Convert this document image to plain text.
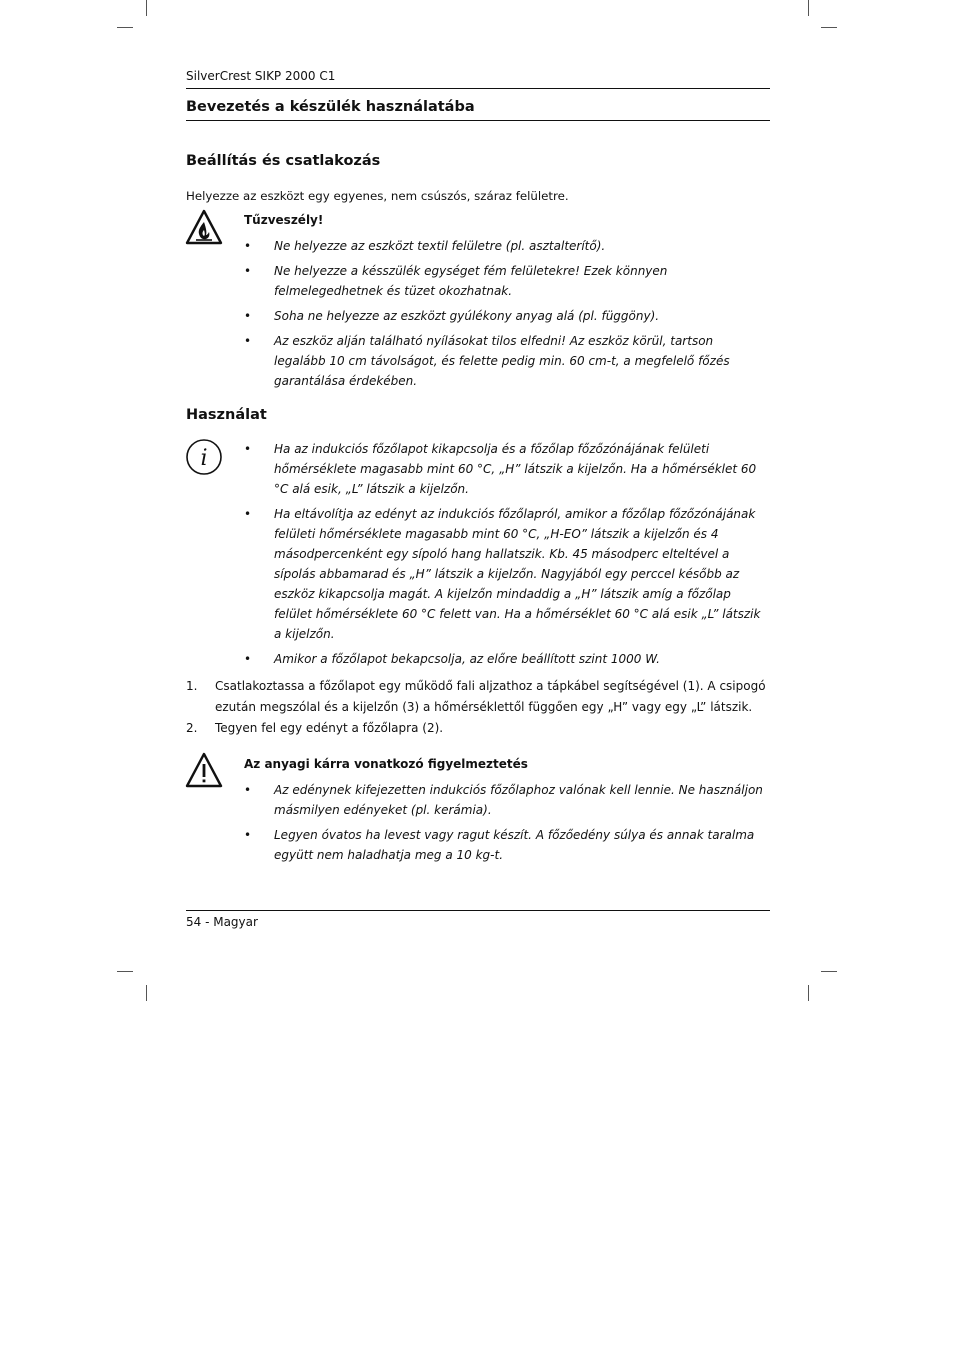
SilverCrest SIKP 2000 C1
Bevezetés a készülék használatába
Beállítás és csatlakozás
Helyezze az eszközt egy egyenes, nem csúszós, száraz felületre.
Tűzveszély!
• Ne helyezze az eszközt textil felületre (pl. asztalterítő).
• Ne helyezze a késszülék egységet fém felületekre! Ezek könnyen felmelegedhetnek és tüzet okozhatnak.
• Soha ne helyezze az eszközt gyúlékony anyag alá (pl. függöny).
• Az eszköz alján található nyílásokat tilos elfedni! Az eszköz körül, tartson legalább 10 cm távolságot, és felette pedig min. 60 cm-t, a megfelelő főzés garantálása érdekében.
Használat
i	• Ha az indukciós főzőlapot kikapcsolja és a főzőlap főzőzónájának felületi hőmérséklete magasabb mint 60 °C, „H” látszik a kijelzőn. Ha a hőmérséklet 60 °C alá esik, „L” látszik a kijelzőn.
• Ha eltávolítja az edényt az indukciós főzőlapról, amikor a főzőlap főzőzónájának felületi hőmérséklete magasabb mint 60 °C, „H-EO” látszik a kijelzőn és 4 másodpercenként egy sípoló hang hallatszik. Kb. 45 másodperc elteltével a sípolás abbamarad és „H” látszik a kijelzőn. Nagyjából egy perccel később az eszköz kikapcsolja magát. A kijelzőn mindaddig a „H” látszik amíg a főzőlap felület hőmérséklete 60 °C felett van. Ha a hőmérséklet 60 °C alá esik „L” látszik a kijelzőn.
• Amikor a főzőlapot bekapcsolja, az előre beállított szint 1000 W.
1. Csatlakoztassa a főzőlapot egy működő fali aljzathoz a tápkábel segítségével (1). A csipogó ezután megszólal és a kijelzőn (3) a hőmérséklettől függően egy „H” vagy egy „L” látszik.
2. Tegyen fel egy edényt a főzőlapra (2).
Az anyagi kárra vonatkozó figyelmeztetés
• Az edénynek kifejezetten indukciós főzőlaphoz valónak kell lennie. Ne használjon másmilyen edényeket (pl. kerámia).
• Legyen óvatos ha levest vagy ragut készít. A főzőedény súlya és annak taralma együtt nem haladhatja meg a 10 kg-t.
54 - Magyar
